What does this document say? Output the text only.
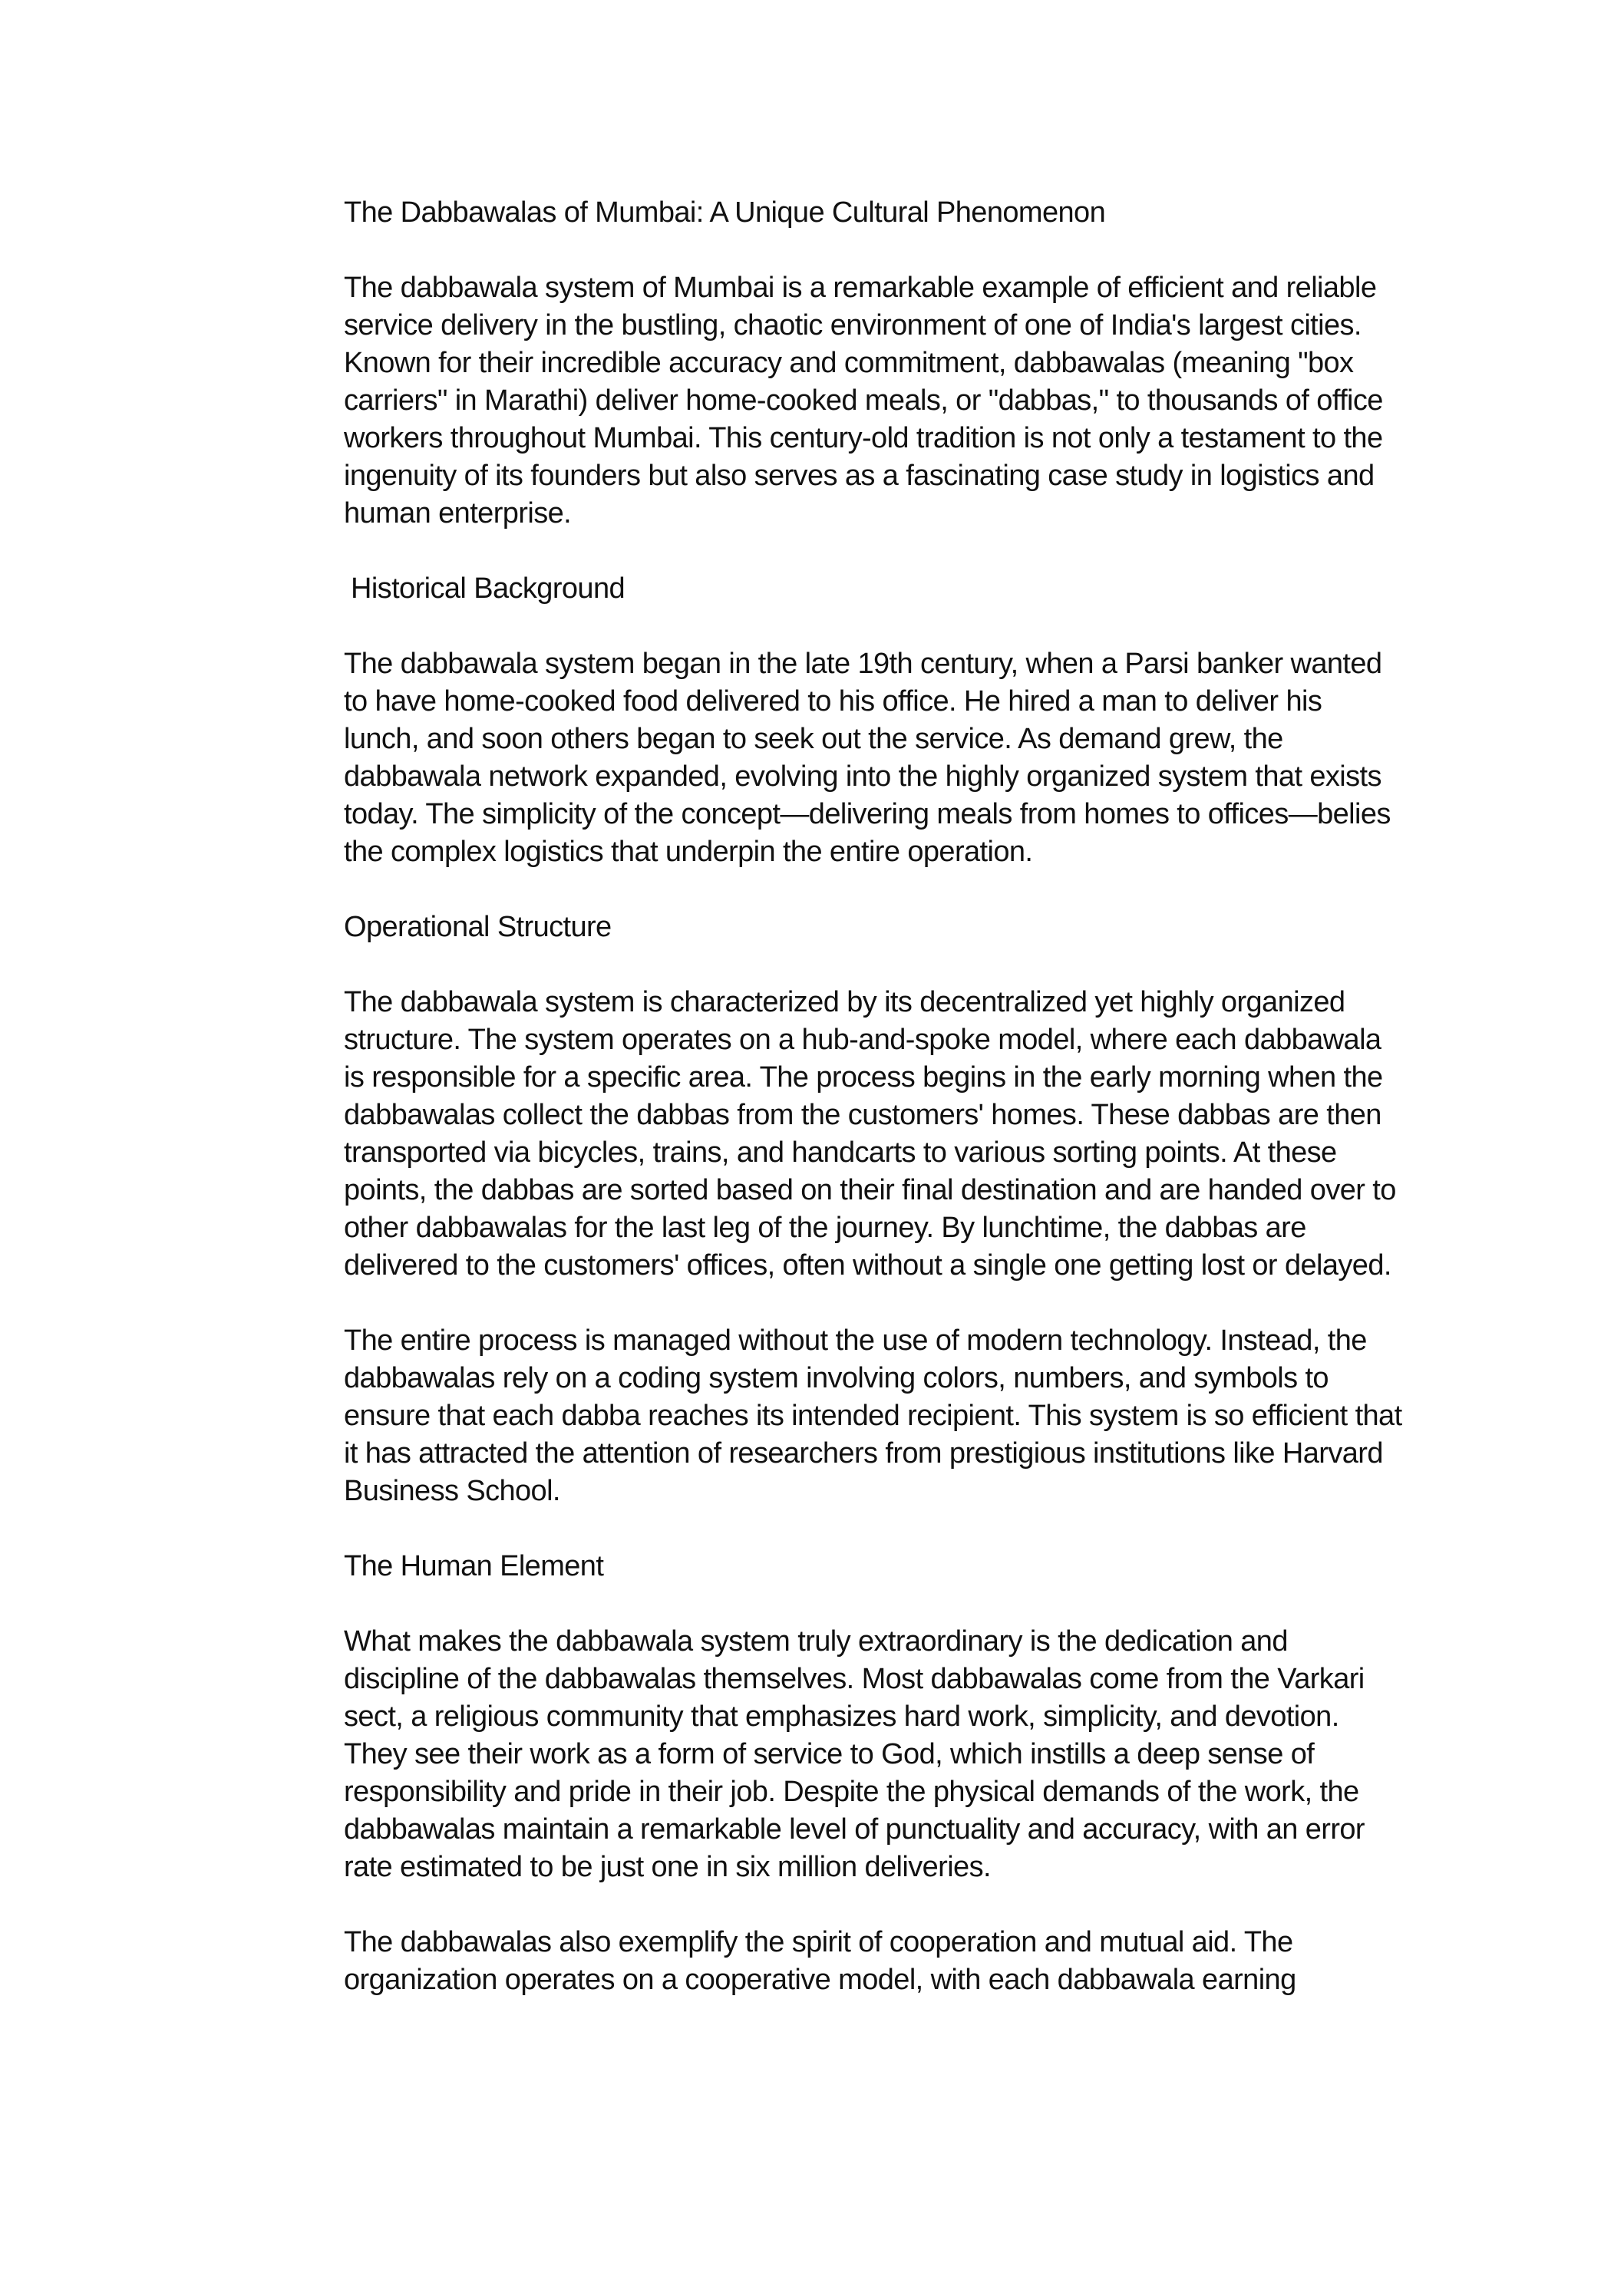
The Dabbawalas of Mumbai: A Unique Cultural Phenomenon

The dabbawala system of Mumbai is a remarkable example of efficient and reliable service delivery in the bustling, chaotic environment of one of India's largest cities. Known for their incredible accuracy and commitment, dabbawalas (meaning "box carriers" in Marathi) deliver home-cooked meals, or "dabbas," to thousands of office workers throughout Mumbai. This century-old tradition is not only a testament to the ingenuity of its founders but also serves as a fascinating case study in logistics and human enterprise.

Historical Background

The dabbawala system began in the late 19th century, when a Parsi banker wanted to have home-cooked food delivered to his office. He hired a man to deliver his lunch, and soon others began to seek out the service. As demand grew, the dabbawala network expanded, evolving into the highly organized system that exists today. The simplicity of the concept—delivering meals from homes to offices—belies the complex logistics that underpin the entire operation.

Operational Structure

The dabbawala system is characterized by its decentralized yet highly organized structure. The system operates on a hub-and-spoke model, where each dabbawala is responsible for a specific area. The process begins in the early morning when the dabbawalas collect the dabbas from the customers' homes. These dabbas are then transported via bicycles, trains, and handcarts to various sorting points. At these points, the dabbas are sorted based on their final destination and are handed over to other dabbawalas for the last leg of the journey. By lunchtime, the dabbas are delivered to the customers' offices, often without a single one getting lost or delayed.

The entire process is managed without the use of modern technology. Instead, the dabbawalas rely on a coding system involving colors, numbers, and symbols to ensure that each dabba reaches its intended recipient. This system is so efficient that it has attracted the attention of researchers from prestigious institutions like Harvard Business School.

The Human Element

What makes the dabbawala system truly extraordinary is the dedication and discipline of the dabbawalas themselves. Most dabbawalas come from the Varkari sect, a religious community that emphasizes hard work, simplicity, and devotion. They see their work as a form of service to God, which instills a deep sense of responsibility and pride in their job. Despite the physical demands of the work, the dabbawalas maintain a remarkable level of punctuality and accuracy, with an error rate estimated to be just one in six million deliveries.

The dabbawalas also exemplify the spirit of cooperation and mutual aid. The organization operates on a cooperative model, with each dabbawala earning
